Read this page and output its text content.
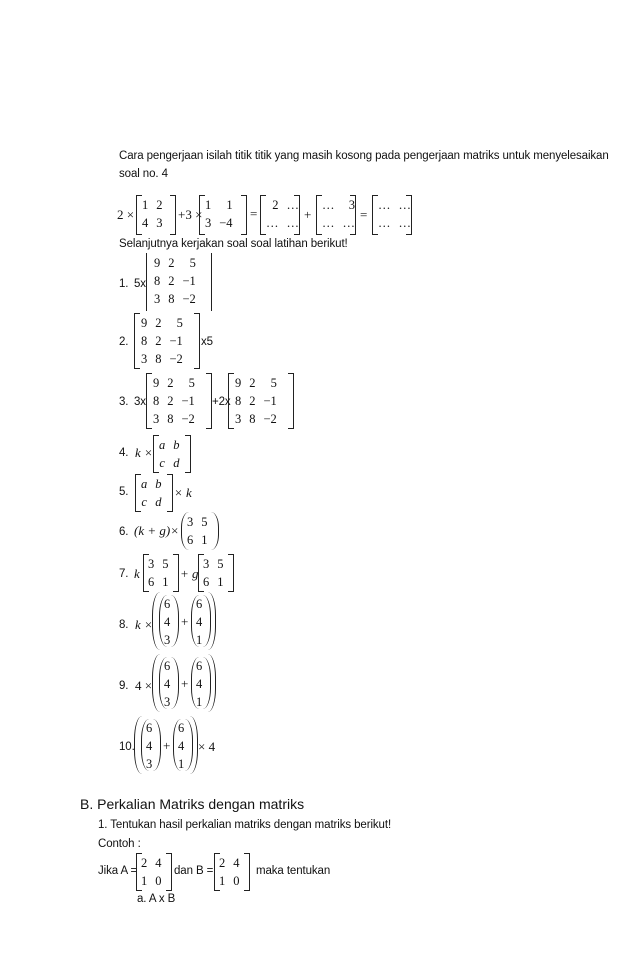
Cara pengerjaan isilah titik titik yang masih kosong pada pengerjaan matriks untuk menyelesaikan
soal no. 4
2 ×
1	2
4	3
+3 ×
1	1
3	−4
=
2	…
…	…
+
…	3
…	…
=
…	…
…	…
Selanjutnya kerjakan soal soal latihan berikut!
1. 5x
9	2	5
8	2	−1
3	8	−2
2.
9	2	5
8	2	−1
3	8	−2
x5
3. 3x
9	2	5
8	2	−1
3	8	−2
+2x
9	2	5
8	2	−1
3	8	−2
4. k × a	b
c	d
5.
a	b
c	d
× k
6. (k + g)×
3	5
6	1
7. k
3	5
6	1
+ g
3	5
6	1
8. k ×
6
4
3
+
6
4
1
9. 4 ×
6
4
3
+
6
4
1
10.
6
4
3
+
6
4
1
× 4
B. Perkalian Matriks dengan matriks
1. Tentukan hasil perkalian matriks dengan matriks berikut!
Contoh :
Jika A =
2	4
1	0
dan B =
2	4
1	0
maka tentukan
a. A x B
